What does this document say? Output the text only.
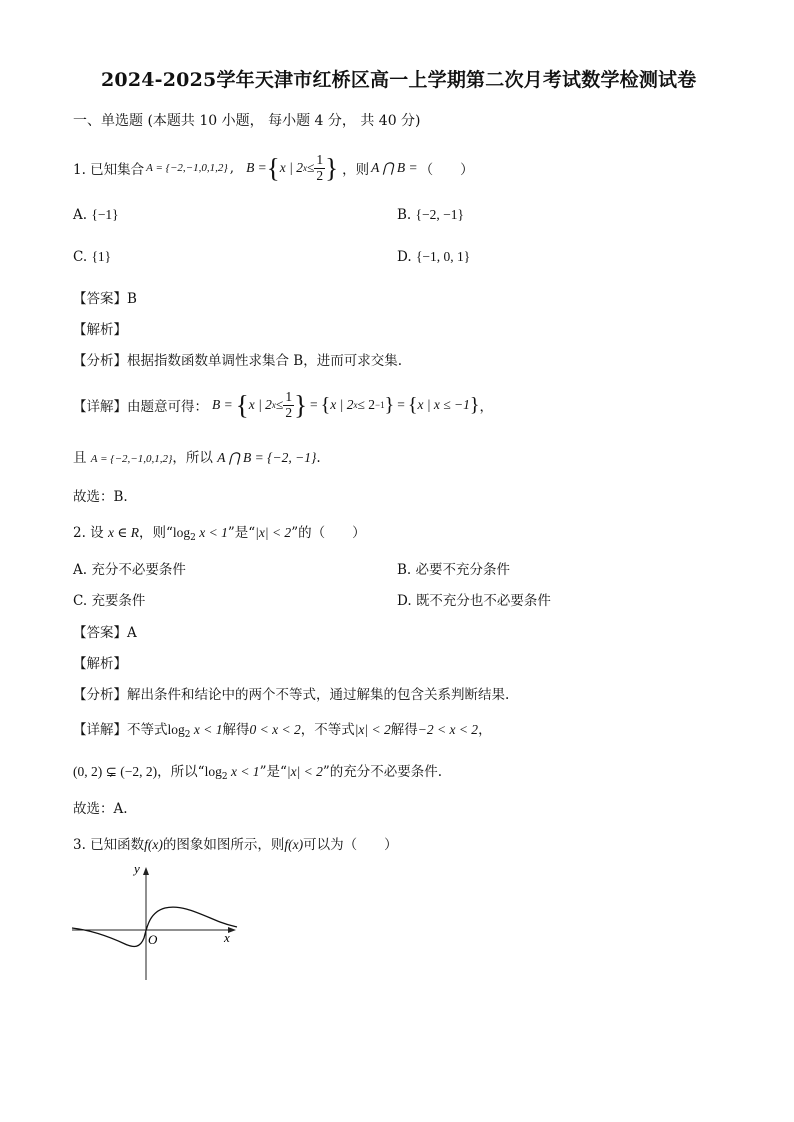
2024-2025学年天津市红桥区高一上学期第二次月考试数学检测试卷
一、单选题 (本题共 10 小题， 每小题 4 分， 共 40 分)
1. 已知集合 A = {−2,−1,0,1,2} , B = { x | 2 $x \le \frac{1}{2}$ } ，则 A ⋂ B = （　　）
A. {−1}	B. {−2, −1}
C. {1}	D. {−1, 0, 1}
【答案】B
【解析】
【分析】根据指数函数单调性求集合 B，进而可求交集.
【详解】由题意可得： B = { x | 2 $x \le \frac{1}{2}$ } = { x | 2 x ≤ 2 −1 } = { x | x ≤ −1 } ，
且 A = {−2,−1,0,1,2}，所以 A ⋂ B = {−2, −1}.
故选：B.
2. 设 x ∈ R，则“$\log_2$ x < 1”是“|x| < 2”的（　　）
A. 充分不必要条件	B. 必要不充分条件
C. 充要条件	D. 既不充分也不必要条件
【答案】A
【解析】
【分析】解出条件和结论中的两个不等式，通过解集的包含关系判断结果.
【详解】不等式$\log_2 x < 1$解得0 < x < 2，不等式|x| < 2解得−2 < x < 2，
(0, 2) ⊊ (−2, 2)，所以“$\log_2$ x < 1”是“|x| < 2”的充分不必要条件.
故选：A.
3. 已知函数f(x)的图象如图所示，则f(x)可以为（　　）
y
x
O
